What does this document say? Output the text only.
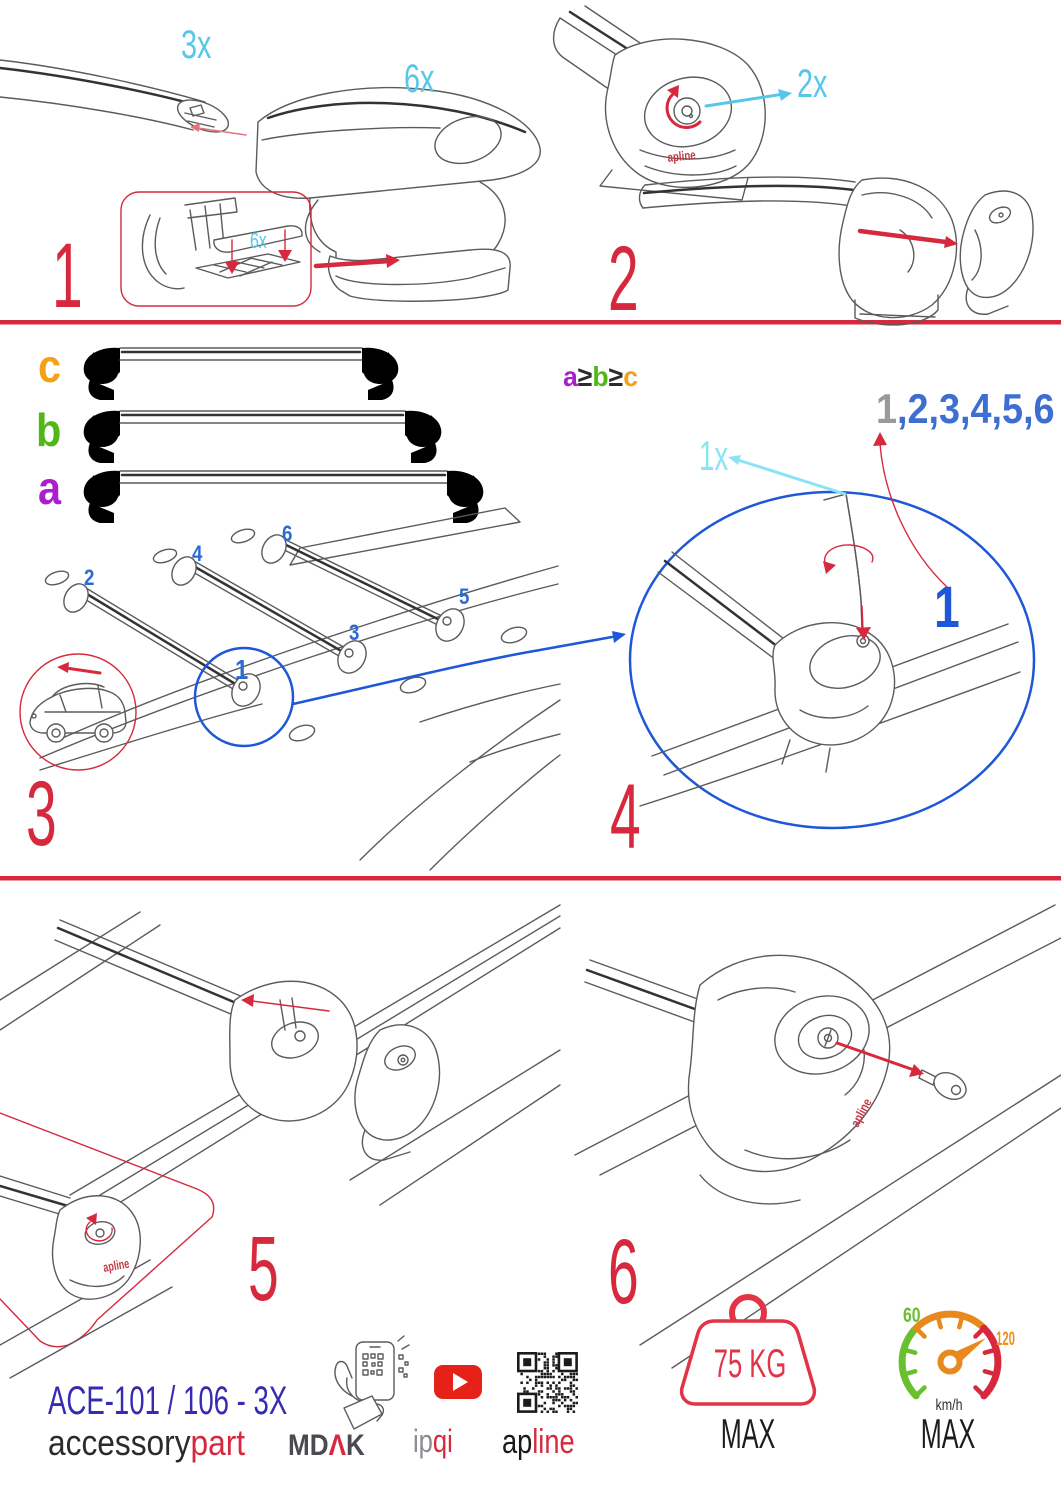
3x
6x
6x
1
apline
2x
2
c
b
a
1
2
3
4
5
6
3
a≥b≥c
1,2,3,4,5,6
1x
1
4
apline 5
apline
6
ACE-101 / 106 - 3X
accessorypart MDΛK ipqi apline
75 KG
MAX
60
120
km/h
MAX
